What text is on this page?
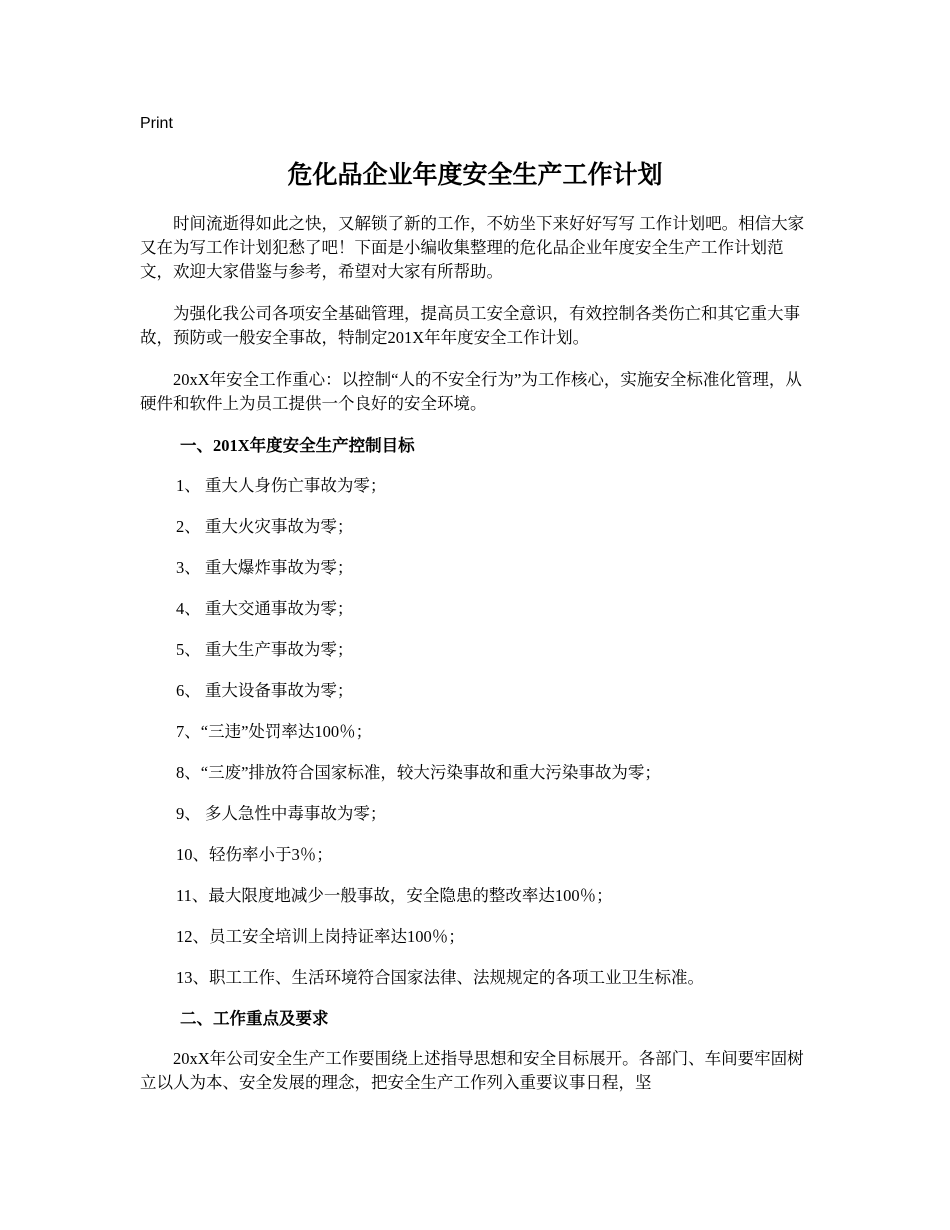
Print
危化品企业年度安全生产工作计划

时间流逝得如此之快，又解锁了新的工作，不妨坐下来好好写写 工作计划吧。相信大家又在为写工作计划犯愁了吧！下面是小编收集整理的危化品企业年度安全生产工作计划范文，欢迎大家借鉴与参考，希望对大家有所帮助。

为强化我公司各项安全基础管理，提高员工安全意识，有效控制各类伤亡和其它重大事故，预防或一般安全事故，特制定201X年年度安全工作计划。

20xX年安全工作重心：以控制“人的不安全行为”为工作核心，实施安全标准化管理，从硬件和软件上为员工提供一个良好的安全环境。

一、201X年度安全生产控制目标
1、 重大人身伤亡事故为零；
2、 重大火灾事故为零；
3、 重大爆炸事故为零；
4、 重大交通事故为零；
5、 重大生产事故为零；
6、 重大设备事故为零；
7、“三违”处罚率达100％；
8、“三废”排放符合国家标准，较大污染事故和重大污染事故为零；
9、 多人急性中毒事故为零；
10、轻伤率小于3％；
11、最大限度地减少一般事故，安全隐患的整改率达100％；
12、员工安全培训上岗持证率达100％；
13、职工工作、生活环境符合国家法律、法规规定的各项工业卫生标准。
二、工作重点及要求

20xX年公司安全生产工作要围绕上述指导思想和安全目标展开。各部门、车间要牢固树立以人为本、安全发展的理念，把安全生产工作列入重要议事日程，坚
